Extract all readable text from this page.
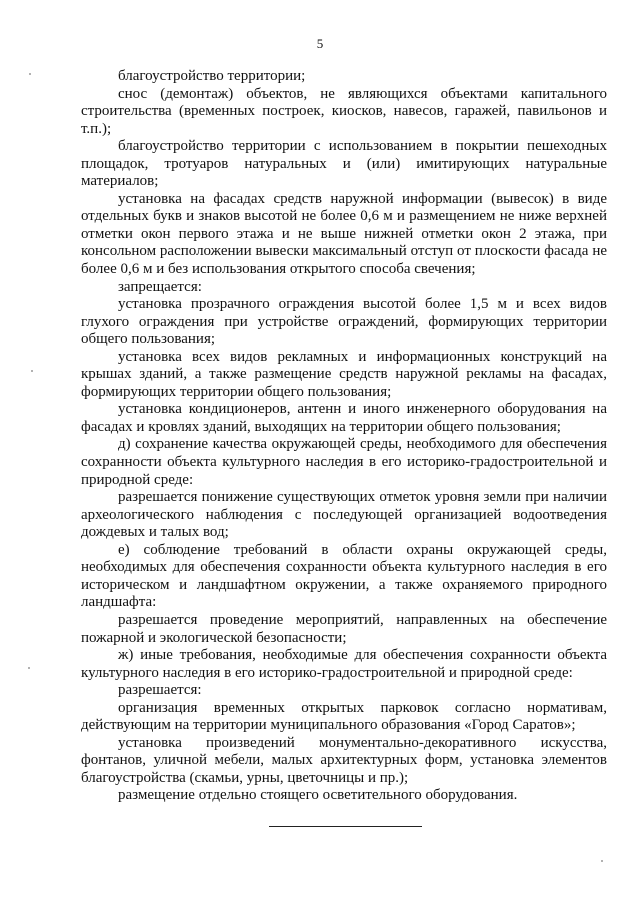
5

благоустройство территории;

снос (демонтаж) объектов, не являющихся объектами капитального строительства (временных построек, киосков, навесов, гаражей, павильонов и т.п.);

благоустройство территории с использованием в покрытии пешеходных площадок, тротуаров натуральных и (или) имитирующих натуральные материалов;

установка на фасадах средств наружной информации (вывесок) в виде отдельных букв и знаков высотой не более 0,6 м и размещением не ниже верхней отметки окон первого этажа и не выше нижней отметки окон 2 этажа, при консольном расположении вывески максимальный отступ от плоскости фасада не более 0,6 м и без использования открытого способа свечения;

запрещается:

установка прозрачного ограждения высотой более 1,5 м и всех видов глухого ограждения при устройстве ограждений, формирующих территории общего пользования;

установка всех видов рекламных и информационных конструкций на крышах зданий, а также размещение средств наружной рекламы на фасадах, формирующих территории общего пользования;

установка кондиционеров, антенн и иного инженерного оборудования на фасадах и кровлях зданий, выходящих на территории общего пользования;

д) сохранение качества окружающей среды, необходимого для обеспечения сохранности объекта культурного наследия в его историко-градостроительной и природной среде:

разрешается понижение существующих отметок уровня земли при наличии археологического наблюдения с последующей организацией водоотведения дождевых и талых вод;

е) соблюдение требований в области охраны окружающей среды, необходимых для обеспечения сохранности объекта культурного наследия в его историческом и ландшафтном окружении, а также охраняемого природного ландшафта:

разрешается проведение мероприятий, направленных на обеспечение пожарной и экологической безопасности;

ж) иные требования, необходимые для обеспечения сохранности объекта культурного наследия в его историко-градостроительной и природной среде:

разрешается:

организация временных открытых парковок согласно нормативам, действующим на территории муниципального образования «Город Саратов»;

установка произведений монументально-декоративного искусства, фонтанов, уличной мебели, малых архитектурных форм, установка элементов благоустройства (скамьи, урны, цветочницы и пр.);

размещение отдельно стоящего осветительного оборудования.
